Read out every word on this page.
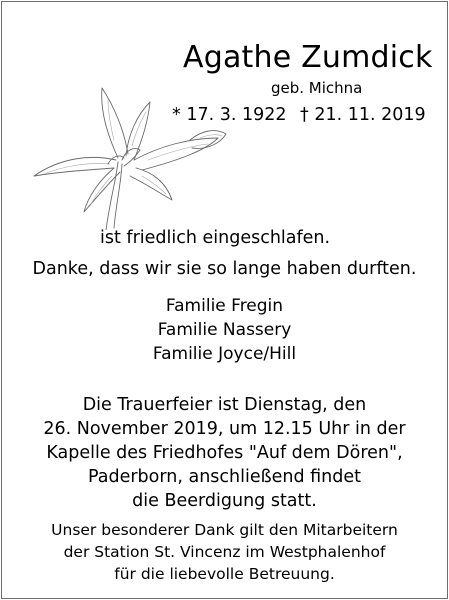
Agathe Zumdick
geb. Michna
* 17. 3. 1922 † 21. 11. 2019
ist friedlich eingeschlafen.
Danke, dass wir sie so lange haben durften.
Familie Fregin
Familie Nassery
Familie Joyce/Hill
Die Trauerfeier ist Dienstag, den
26. November 2019, um 12.15 Uhr in der
Kapelle des Friedhofes "Auf dem Dören",
Paderborn, anschließend findet
die Beerdigung statt.
Unser besonderer Dank gilt den Mitarbeitern
der Station St. Vincenz im Westphalenhof
für die liebevolle Betreuung.
